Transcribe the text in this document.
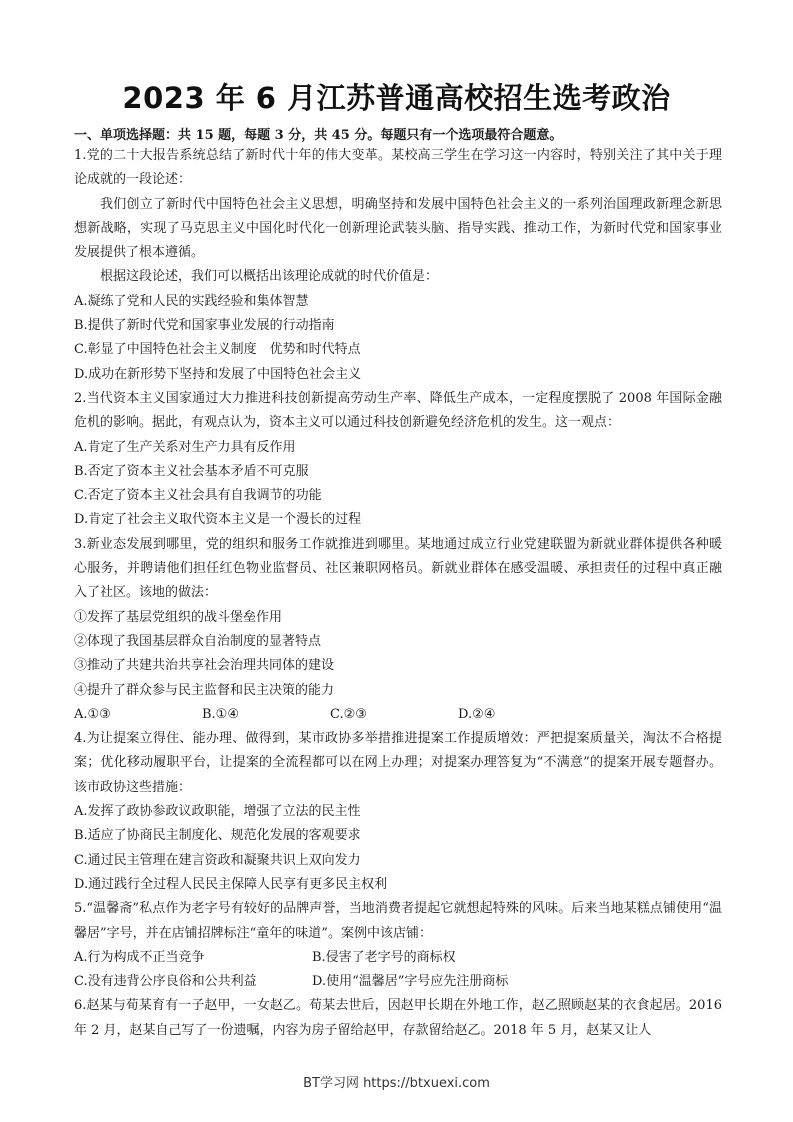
2023 年 6 月江苏普通高校招生选考政治
一、单项选择题：共 15 题，每题 3 分，共 45 分。每题只有一个选项最符合题意。

1.党的二十大报告系统总结了新时代十年的伟大变革。某校高三学生在学习这一内容时，特别关注了其中关于理论成就的一段论述：

我们创立了新时代中国特色社会主义思想，明确坚持和发展中国特色社会主义的一系列治国理政新理念新思想新战略，实现了马克思主义中国化时代化一创新理论武装头脑、指导实践、推动工作，为新时代党和国家事业发展提供了根本遵循。

根据这段论述，我们可以概括出该理论成就的时代价值是：

A.凝练了党和人民的实践经验和集体智慧

B.提供了新时代党和国家事业发展的行动指南

C.彰显了中国特色社会主义制度　优势和时代特点

D.成功在新形势下坚持和发展了中国特色社会主义

2.当代资本主义国家通过大力推进科技创新提高劳动生产率、降低生产成本，一定程度摆脱了 2008 年国际金融危机的影响。据此，有观点认为，资本主义可以通过科技创新避免经济危机的发生。这一观点：

A.肯定了生产关系对生产力具有反作用

B.否定了资本主义社会基本矛盾不可克服

C.否定了资本主义社会具有自我调节的功能

D.肯定了社会主义取代资本主义是一个漫长的过程

3.新业态发展到哪里，党的组织和服务工作就推进到哪里。某地通过成立行业党建联盟为新就业群体提供各种暖心服务，并聘请他们担任红色物业监督员、社区兼职网格员。新就业群体在感受温暖、承担责任的过程中真正融入了社区。该地的做法：

①发挥了基层党组织的战斗堡垒作用

②体现了我国基层群众自治制度的显著特点

③推动了共建共治共享社会治理共同体的建设

④提升了群众参与民主监督和民主决策的能力

A.①③	B.①④	C.②③	D.②④

4.为让提案立得住、能办理、做得到，某市政协多举措推进提案工作提质增效：严把提案质量关，淘汰不合格提案；优化移动履职平台，让提案的全流程都可以在网上办理；对提案办理答复为“不满意”的提案开展专题督办。该市政协这些措施：

A.发挥了政协参政议政职能，增强了立法的民主性

B.适应了协商民主制度化、规范化发展的客观要求

C.通过民主管理在建言资政和凝聚共识上双向发力

D.通过践行全过程人民民主保障人民享有更多民主权利

5.“温馨斋”私点作为老字号有较好的品牌声誉，当地消费者提起它就想起特殊的风味。后来当地某糕点铺使用“温馨居”字号，并在店铺招牌标注“童年的味道”。案例中该店铺：

A.行为构成不正当竞争	B.侵害了老字号的商标权
C.没有违背公序良俗和公共利益	D.使用“温馨居”字号应先注册商标

6.赵某与荀某育有一子赵甲，一女赵乙。荀某去世后，因赵甲长期在外地工作，赵乙照顾赵某的衣食起居。2016 年 2 月，赵某自己写了一份遗嘱，内容为房子留给赵甲，存款留给赵乙。2018 年 5 月，赵某又让人

BT学习网 https://btxuexi.com
